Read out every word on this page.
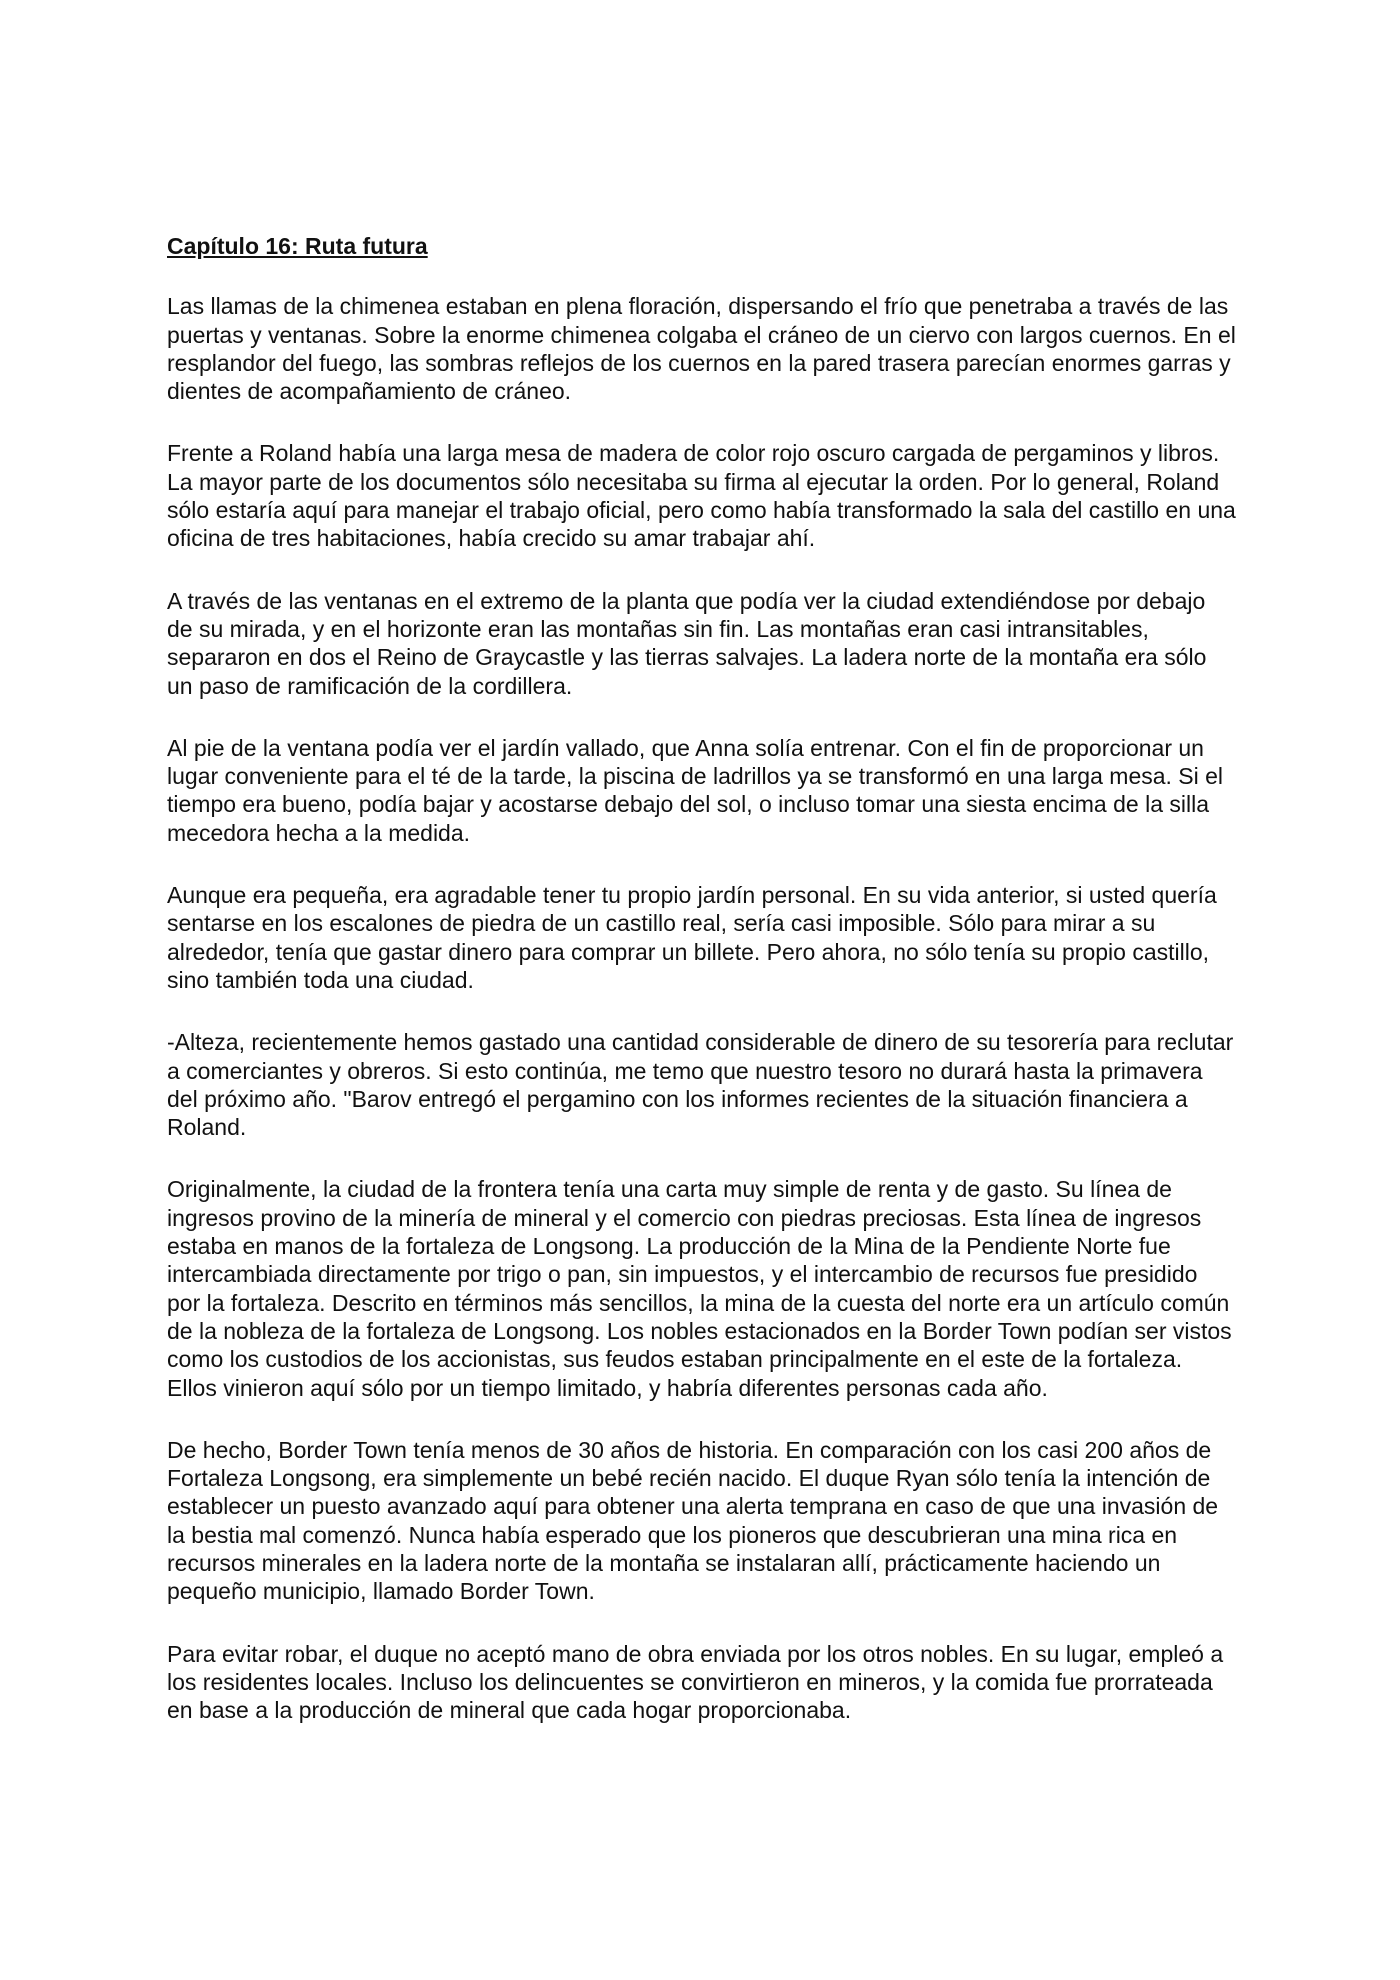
Capítulo 16: Ruta futura

Las llamas de la chimenea estaban en plena floración, dispersando el frío que penetraba a través de las puertas y ventanas. Sobre la enorme chimenea colgaba el cráneo de un ciervo con largos cuernos. En el resplandor del fuego, las sombras reflejos de los cuernos en la pared trasera parecían enormes garras y dientes de acompañamiento de cráneo.

Frente a Roland había una larga mesa de madera de color rojo oscuro cargada de pergaminos y libros. La mayor parte de los documentos sólo necesitaba su firma al ejecutar la orden. Por lo general, Roland sólo estaría aquí para manejar el trabajo oficial, pero como había transformado la sala del castillo en una oficina de tres habitaciones, había crecido su amar trabajar ahí.

A través de las ventanas en el extremo de la planta que podía ver la ciudad extendiéndose por debajo de su mirada, y en el horizonte eran las montañas sin fin. Las montañas eran casi intransitables, separaron en dos el Reino de Graycastle y las tierras salvajes. La ladera norte de la montaña era sólo un paso de ramificación de la cordillera.

Al pie de la ventana podía ver el jardín vallado, que Anna solía entrenar. Con el fin de proporcionar un lugar conveniente para el té de la tarde, la piscina de ladrillos ya se transformó en una larga mesa. Si el tiempo era bueno, podía bajar y acostarse debajo del sol, o incluso tomar una siesta encima de la silla mecedora hecha a la medida.

Aunque era pequeña, era agradable tener tu propio jardín personal. En su vida anterior, si usted quería sentarse en los escalones de piedra de un castillo real, sería casi imposible. Sólo para mirar a su alrededor, tenía que gastar dinero para comprar un billete. Pero ahora, no sólo tenía su propio castillo, sino también toda una ciudad.

-Alteza, recientemente hemos gastado una cantidad considerable de dinero de su tesorería para reclutar a comerciantes y obreros. Si esto continúa, me temo que nuestro tesoro no durará hasta la primavera del próximo año. "Barov entregó el pergamino con los informes recientes de la situación financiera a Roland.

Originalmente, la ciudad de la frontera tenía una carta muy simple de renta y de gasto. Su línea de ingresos provino de la minería de mineral y el comercio con piedras preciosas. Esta línea de ingresos estaba en manos de la fortaleza de Longsong. La producción de la Mina de la Pendiente Norte fue intercambiada directamente por trigo o pan, sin impuestos, y el intercambio de recursos fue presidido por la fortaleza. Descrito en términos más sencillos, la mina de la cuesta del norte era un artículo común de la nobleza de la fortaleza de Longsong. Los nobles estacionados en la Border Town podían ser vistos como los custodios de los accionistas, sus feudos estaban principalmente en el este de la fortaleza. Ellos vinieron aquí sólo por un tiempo limitado, y habría diferentes personas cada año.

De hecho, Border Town tenía menos de 30 años de historia. En comparación con los casi 200 años de Fortaleza Longsong, era simplemente un bebé recién nacido. El duque Ryan sólo tenía la intención de establecer un puesto avanzado aquí para obtener una alerta temprana en caso de que una invasión de la bestia mal comenzó. Nunca había esperado que los pioneros que descubrieran una mina rica en recursos minerales en la ladera norte de la montaña se instalaran allí, prácticamente haciendo un pequeño municipio, llamado Border Town.

Para evitar robar, el duque no aceptó mano de obra enviada por los otros nobles. En su lugar, empleó a los residentes locales. Incluso los delincuentes se convirtieron en mineros, y la comida fue prorrateada en base a la producción de mineral que cada hogar proporcionaba.
